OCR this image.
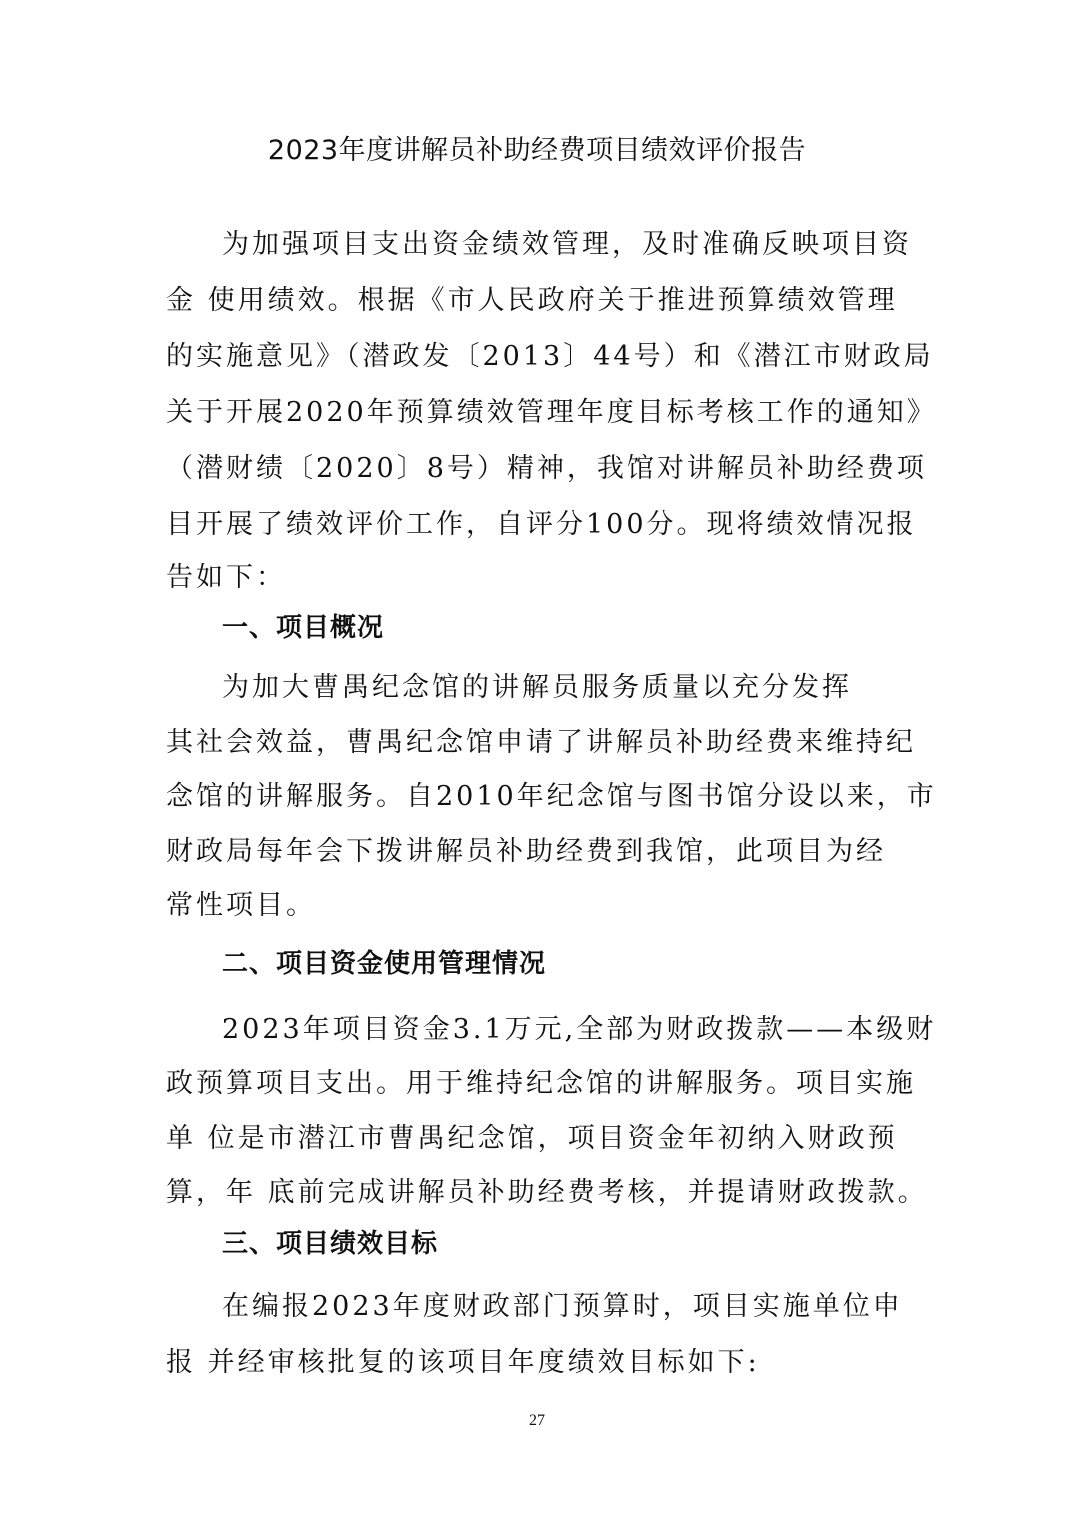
2023年度讲解员补助经费项目绩效评价报告
为加强项目支出资金绩效管理，及时准确反映项目资
金 使用绩效。根据《市人民政府关于推进预算绩效管理
的实施意见》（潜政发〔2013〕44号）和《潜江市财政局
关于开展2020年预算绩效管理年度目标考核工作的通知》
（潜财绩〔2020〕8号）精神，我馆对讲解员补助经费项
目开展了绩效评价工作，自评分100分。现将绩效情况报
告如下：
一、项目概况
为加大曹禺纪念馆的讲解员服务质量以充分发挥
其社会效益，曹禺纪念馆申请了讲解员补助经费来维持纪
念馆的讲解服务。自2010年纪念馆与图书馆分设以来，市
财政局每年会下拨讲解员补助经费到我馆，此项目为经
常性项目。
二、项目资金使用管理情况
2023年项目资金3.1万元,全部为财政拨款——本级财
政预算项目支出。用于维持纪念馆的讲解服务。项目实施
单 位是市潜江市曹禺纪念馆，项目资金年初纳入财政预
算，年 底前完成讲解员补助经费考核，并提请财政拨款。
三、项目绩效目标
在编报2023年度财政部门预算时，项目实施单位申
报 并经审核批复的该项目年度绩效目标如下:
27
